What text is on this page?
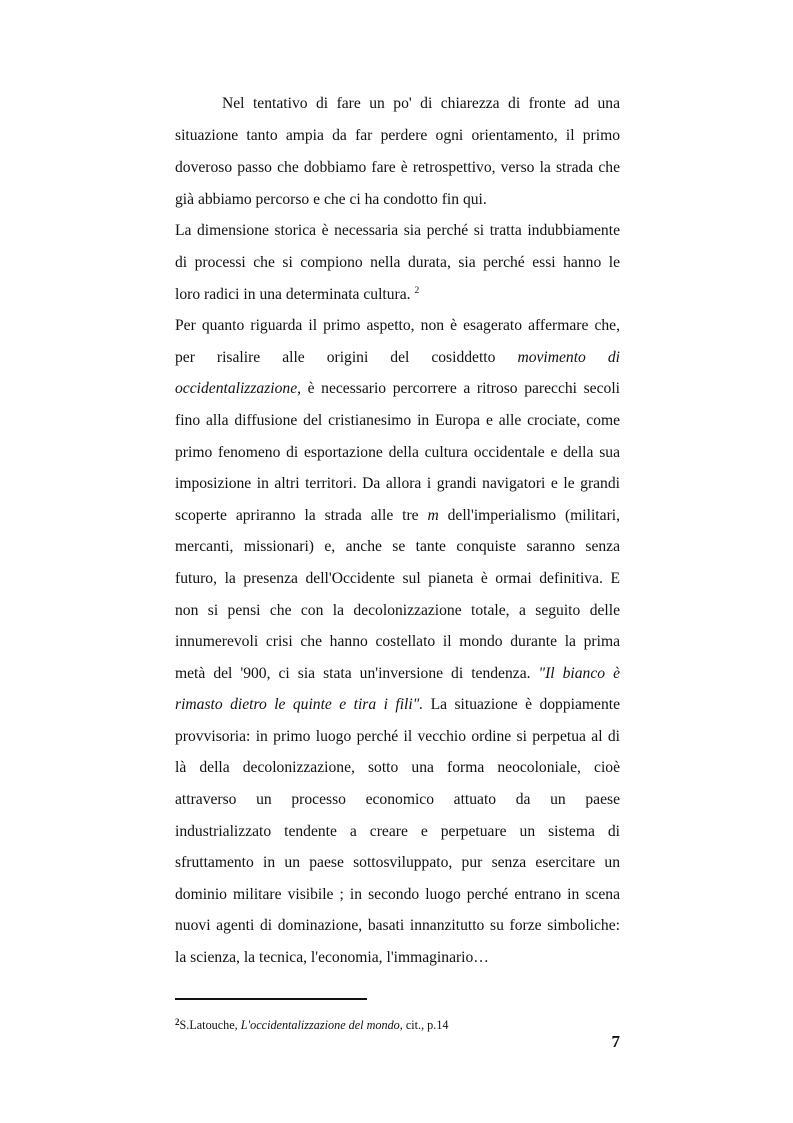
Nel tentativo di fare un po' di chiarezza di fronte ad una
situazione tanto ampia da far perdere ogni orientamento, il primo
doveroso passo che dobbiamo fare è retrospettivo, verso la strada che
già abbiamo percorso e che ci ha condotto fin qui.
La dimensione storica è necessaria sia perché si tratta indubbiamente
di processi che si compiono nella durata, sia perché essi hanno le
loro radici in una determinata cultura. $^2$
Per quanto riguarda il primo aspetto, non è esagerato affermare che,
per risalire alle origini del cosiddetto movimento di
occidentalizzazione, è necessario percorrere a ritroso parecchi secoli
fino alla diffusione del cristianesimo in Europa e alle crociate, come
primo fenomeno di esportazione della cultura occidentale e della sua
imposizione in altri territori. Da allora i grandi navigatori e le grandi
scoperte apriranno la strada alle tre m dell'imperialismo (militari,
mercanti, missionari) e, anche se tante conquiste saranno senza
futuro, la presenza dell'Occidente sul pianeta è ormai definitiva. E
non si pensi che con la decolonizzazione totale, a seguito delle
innumerevoli crisi che hanno costellato il mondo durante la prima
metà del '900, ci sia stata un'inversione di tendenza. "Il bianco è
rimasto dietro le quinte e tira i fili". La situazione è doppiamente
provvisoria: in primo luogo perché il vecchio ordine si perpetua al di
là della decolonizzazione, sotto una forma neocoloniale, cioè
attraverso un processo economico attuato da un paese
industrializzato tendente a creare e perpetuare un sistema di
sfruttamento in un paese sottosviluppato, pur senza esercitare un
dominio militare visibile ; in secondo luogo perché entrano in scena
nuovi agenti di dominazione, basati innanzitutto su forze simboliche:
la scienza, la tecnica, l'economia, l'immaginario…
$^2$S.Latouche, L'occidentalizzazione del mondo, cit., p.14
7
